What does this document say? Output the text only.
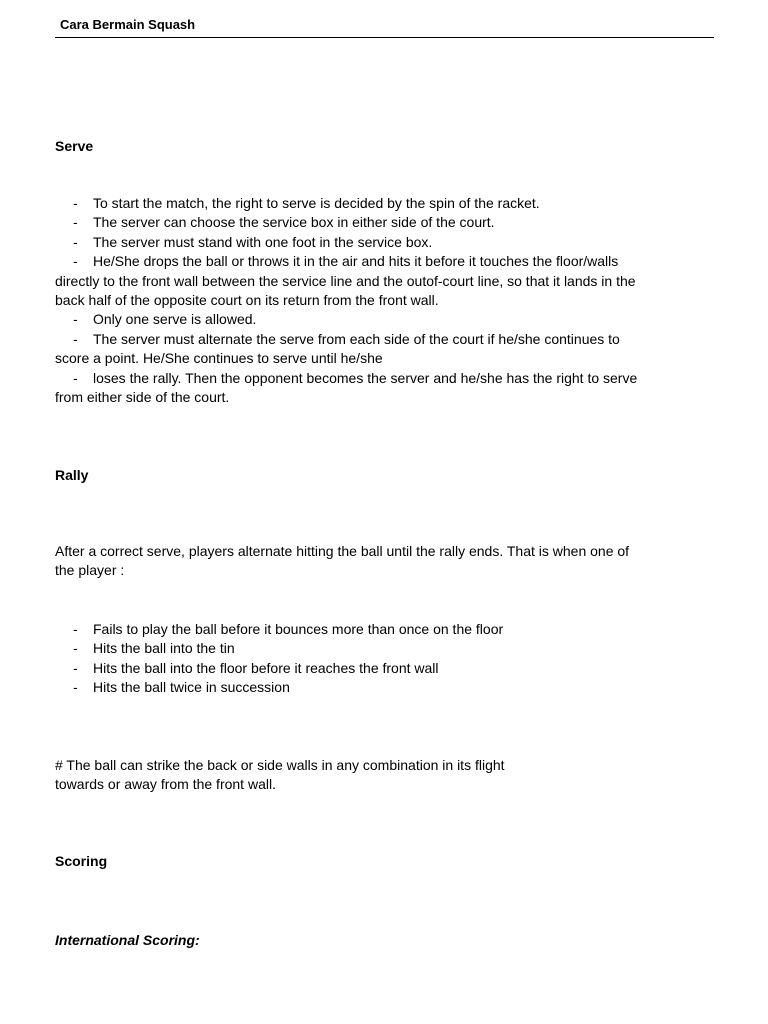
Cara Bermain Squash
Serve
- To start the match, the right to serve is decided by the spin of the racket.
- The server can choose the service box in either side of the court.
- The server must stand with one foot in the service box.
- He/She drops the ball or throws it in the air and hits it before it touches the floor/walls
directly to the front wall between the service line and the outof-court line, so that it lands in the
back half of the opposite court on its return from the front wall.
- Only one serve is allowed.
- The server must alternate the serve from each side of the court if he/she continues to
score a point. He/She continues to serve until he/she
- loses the rally. Then the opponent becomes the server and he/she has the right to serve
from either side of the court.
Rally
After a correct serve, players alternate hitting the ball until the rally ends. That is when one of
the player :
- Fails to play the ball before it bounces more than once on the floor
- Hits the ball into the tin
- Hits the ball into the floor before it reaches the front wall
- Hits the ball twice in succession
# The ball can strike the back or side walls in any combination in its flight
towards or away from the front wall.
Scoring
International Scoring:
